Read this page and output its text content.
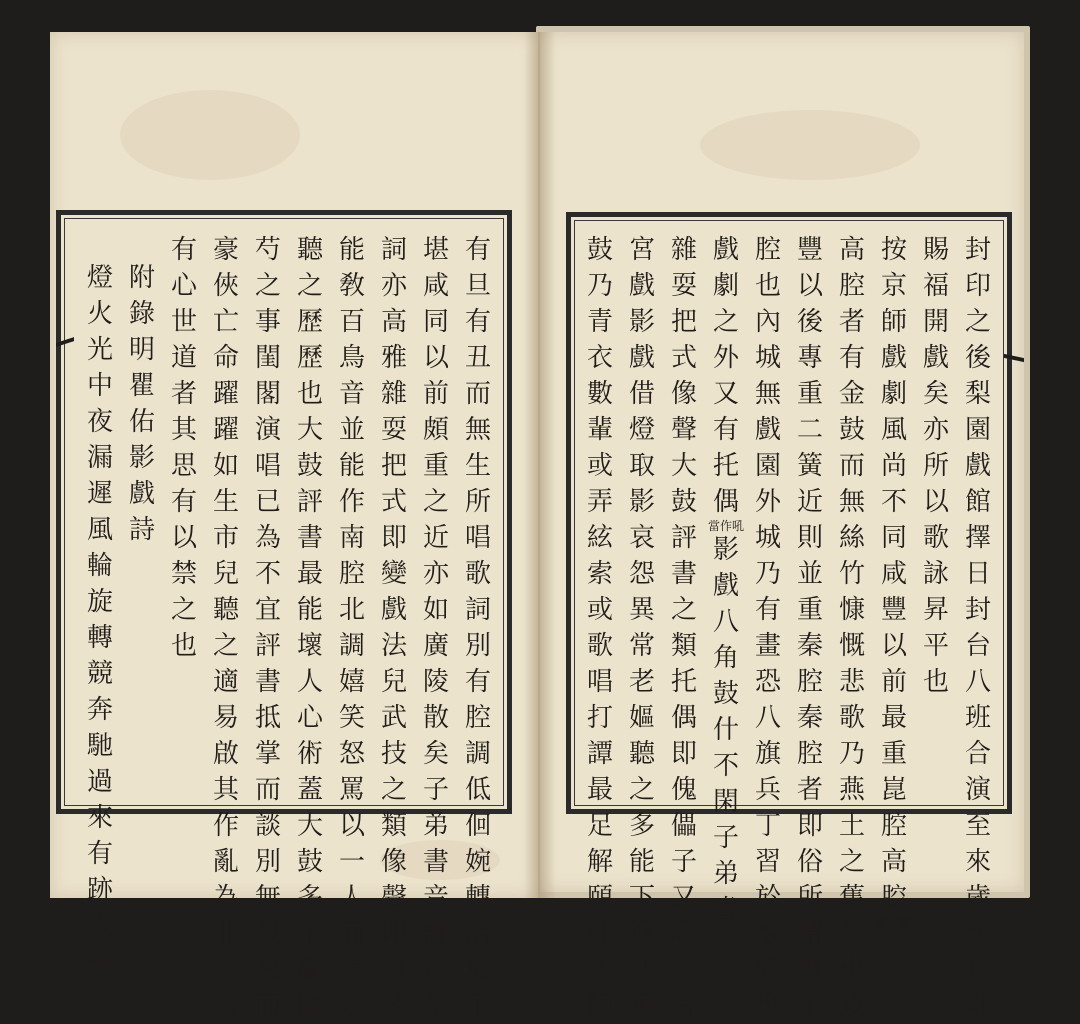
有旦有丑而無生所唱歌詞別有腔調低佪婉轉冶蕩不
堪咸同以前頗重之近亦如廣陵散矣子弟書音調沉穆
詞亦高雅雜耍把式即變戲法兒武技之類像聲即口技
能敎百鳥音並能作南腔北調嬉笑怒罵以一人而兼之
聽之歷歷也大鼓評書最能壞人心術蓋大鼓多采蘭贈
芍之事閨閣演唱已為不宜評書抵掌而談別無覩視而
豪俠亡命躍躍如生市兒聽之適易啟其作亂為非之念
有心世道者其思有以禁之也
附錄明瞿佑影戲詩
燈火光中夜漏遲風輪旋轉競奔馳過來有跡人爭
封印之後梨園戲館擇日封台八班合演至來歲元旦則
賜福開戲矣亦所以歌詠昇平也
按京師戲劇風尚不同咸豐以前最重崑腔高腔
即弋腔
高腔者有金鼓而無絲竹慷慨悲歌乃燕土之舊俗也咸
豐以後專重二簧近則並重秦腔秦腔者即俗所謂梆子
腔也內城無戲園外城乃有畫恐八旗兵丁習於逸樂也
戲劇之外又有托偶
當作吼
影戲八角鼓什不閑子弟書
雜耍把式像聲大鼓評書之類托偶即傀儡子又名大台
宮戲影戲借燈取影哀怨異常老嫗聽之多能下淚八角
鼓乃青衣數輩或弄絃索或歌唱打譚最足解頤什不閑
